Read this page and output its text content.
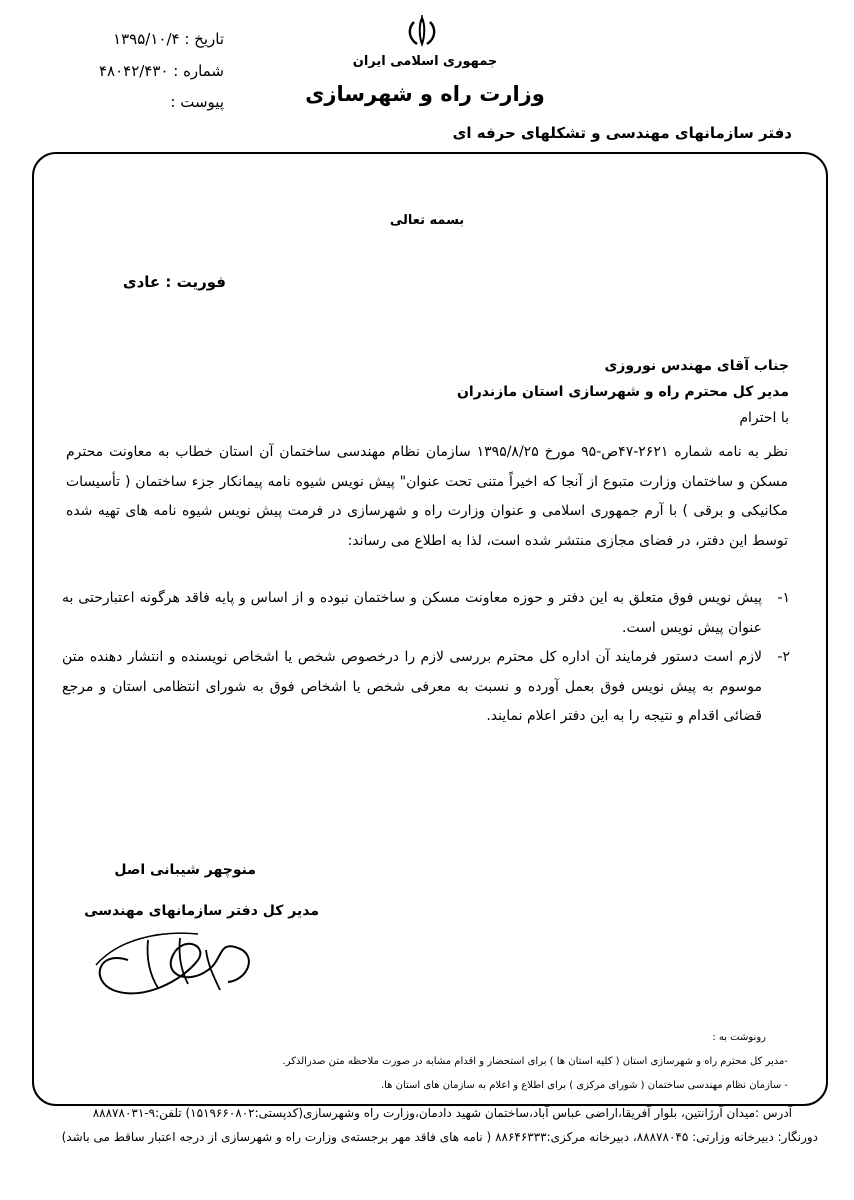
جمهوری اسلامی ایران
وزارت راه و شهرسازی
تاریخ : ۱۳۹۵/۱۰/۴
شماره : ۴۸۰۴۲/۴۳۰
پیوست :
دفتر سازمانهای مهندسی و تشکلهای حرفه ای
بسمه تعالی
فوریت : عادی
جناب آقای مهندس نوروزی
مدیر کل محترم راه و شهرسازی استان مازندران
با احترام
نظر به نامه شماره ۲۶۲۱-۴۷ص-۹۵ مورخ ۱۳۹۵/۸/۲۵ سازمان نظام مهندسی ساختمان آن استان خطاب به معاونت محترم مسکن و ساختمان وزارت متبوع از آنجا که اخیراً متنی تحت عنوان" پیش نویس شیوه نامه پیمانکار جزء ساختمان ( تأسیسات مکانیکی و برقی ) با آرم جمهوری اسلامی و عنوان وزارت راه و شهرسازی در فرمت پیش نویس شیوه نامه های تهیه شده توسط این دفتر، در فضای مجازی منتشر شده است، لذا به اطلاع می رساند:
۱-
پیش نویس فوق متعلق به این دفتر و حوزه معاونت مسکن و ساختمان نبوده و از اساس و پایه فاقد هرگونه اعتبارحتی به عنوان پیش نویس است.
۲-
لازم است دستور فرمایند آن اداره کل محترم بررسی لازم را درخصوص شخص یا اشخاص نویسنده و انتشار دهنده متن موسوم به پیش نویس فوق بعمل آورده و نسبت به معرفی شخص یا اشخاص فوق به شورای انتظامی استان و مرجع قضائی اقدام و نتیجه را به این دفتر اعلام نمایند.
منوچهر شیبانی اصل
مدیر کل دفتر سازمانهای مهندسی
رونوشت به :
-مدیر کل محترم راه و شهرسازی استان ( کلیه استان ها ) برای استحضار و اقدام مشابه در صورت ملاحظه متن صدرالذکر.
- سازمان نظام مهندسی ساختمان ( شورای مرکزی ) برای اطلاع و اعلام به سازمان های استان ها.
آدرس :میدان آرژانتین، بلوار آفریقا،اراضی عباس آباد،ساختمان شهید دادمان،وزارت راه وشهرسازی(کدپستی:۱۵۱۹۶۶۰۸۰۲) تلفن:۹-۸۸۸۷۸۰۳۱
دورنگار: دبیرخانه وزارتی: ۸۸۸۷۸۰۴۵، دبیرخانه مرکزی:۸۸۶۴۶۳۳۳ ( نامه های فاقد مهر برجسته‌ی وزارت راه و شهرسازی از درجه اعتبار ساقط می باشد)
